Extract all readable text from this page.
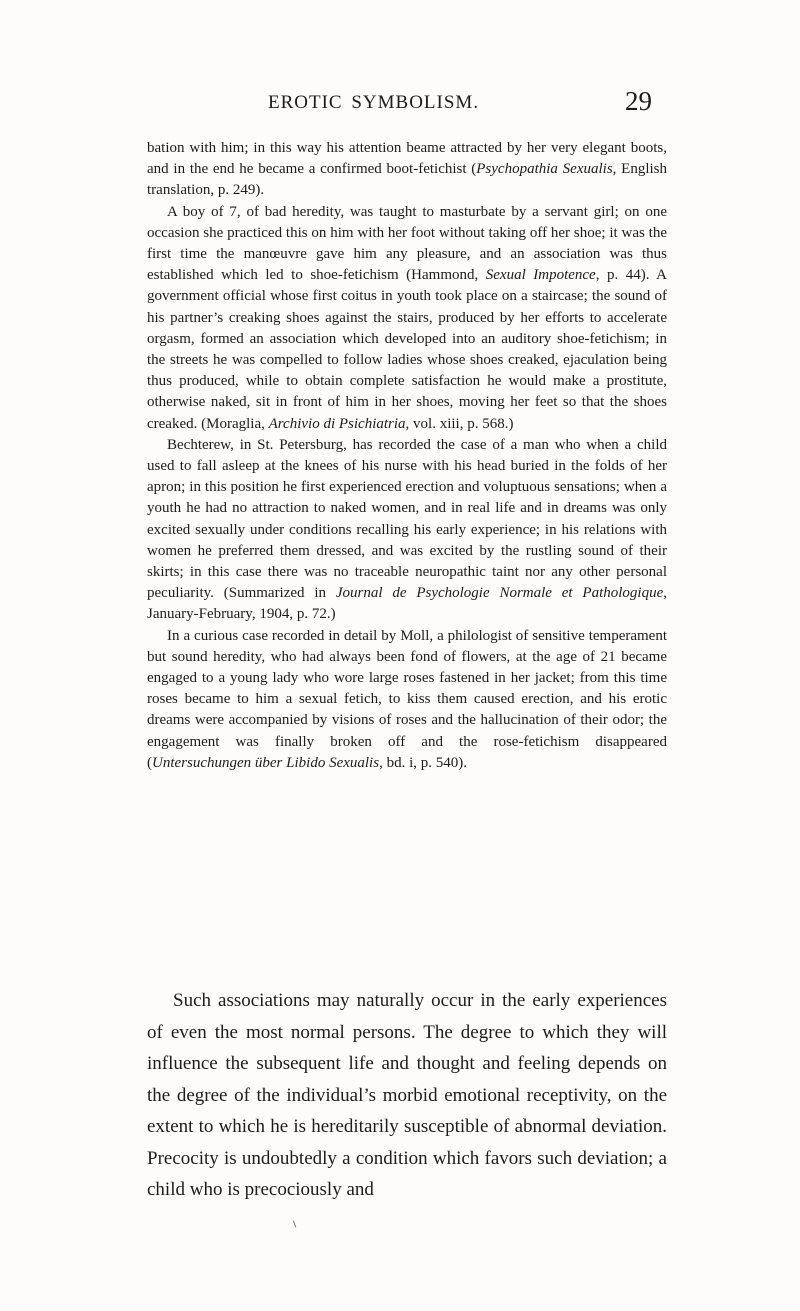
EROTIC SYMBOLISM.	29

bation with him; in this way his attention beame attracted by her very elegant boots, and in the end he became a confirmed boot-fetichist (Psychopathia Sexualis, English translation, p. 249).

A boy of 7, of bad heredity, was taught to masturbate by a servant girl; on one occasion she practiced this on him with her foot without taking off her shoe; it was the first time the manœuvre gave him any pleasure, and an association was thus established which led to shoe-fetichism (Hammond, Sexual Impotence, p. 44). A government official whose first coitus in youth took place on a staircase; the sound of his partner’s creaking shoes against the stairs, produced by her efforts to accelerate orgasm, formed an association which developed into an auditory shoe-fetichism; in the streets he was compelled to follow ladies whose shoes creaked, ejaculation being thus produced, while to obtain complete satisfaction he would make a prostitute, otherwise naked, sit in front of him in her shoes, moving her feet so that the shoes creaked. (Moraglia, Archivio di Psichiatria, vol. xiii, p. 568.)

Bechterew, in St. Petersburg, has recorded the case of a man who when a child used to fall asleep at the knees of his nurse with his head buried in the folds of her apron; in this position he first experienced erection and voluptuous sensations; when a youth he had no attraction to naked women, and in real life and in dreams was only excited sexually under conditions recalling his early experience; in his relations with women he preferred them dressed, and was excited by the rustling sound of their skirts; in this case there was no traceable neuropathic taint nor any other personal peculiarity. (Summarized in Journal de Psychologie Normale et Pathologique, January-February, 1904, p. 72.)

In a curious case recorded in detail by Moll, a philologist of sensitive temperament but sound heredity, who had always been fond of flowers, at the age of 21 became engaged to a young lady who wore large roses fastened in her jacket; from this time roses became to him a sexual fetich, to kiss them caused erection, and his erotic dreams were accompanied by visions of roses and the hallucination of their odor; the engagement was finally broken off and the rose-fetichism disappeared (Untersuchungen über Libido Sexualis, bd. i, p. 540).

Such associations may naturally occur in the early experiences of even the most normal persons. The degree to which they will influence the subsequent life and thought and feeling depends on the degree of the individual’s morbid emotional receptivity, on the extent to which he is hereditarily susceptible of abnormal deviation. Precocity is undoubtedly a condition which favors such deviation; a child who is precociously and
